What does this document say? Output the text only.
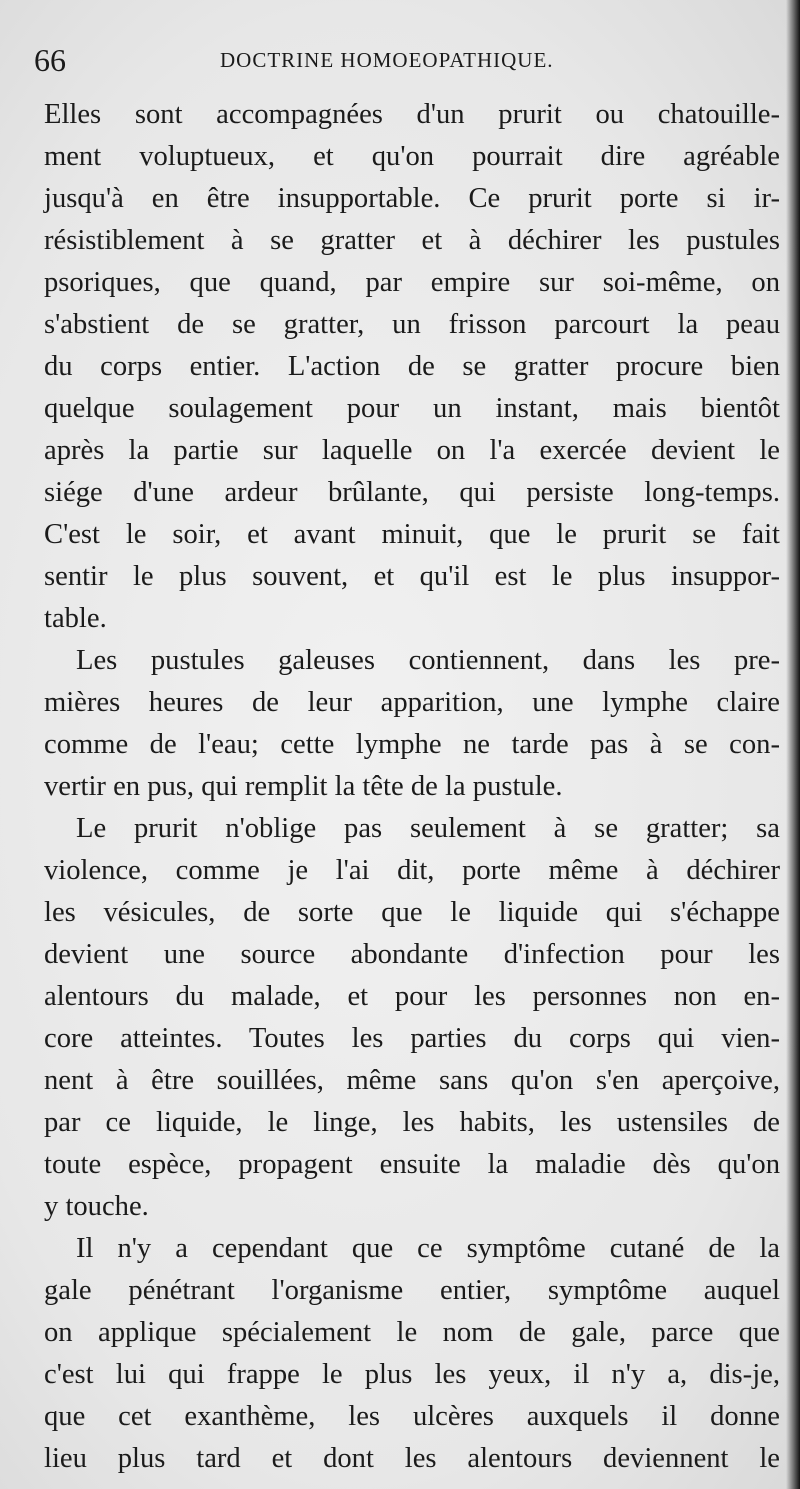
66	DOCTRINE HOMOEOPATHIQUE.
Elles sont accompagnées d'un prurit ou chatouille-
ment voluptueux, et qu'on pourrait dire agréable
jusqu'à en être insupportable. Ce prurit porte si ir-
résistiblement à se gratter et à déchirer les pustules
psoriques, que quand, par empire sur soi-même, on
s'abstient de se gratter, un frisson parcourt la peau
du corps entier. L'action de se gratter procure bien
quelque soulagement pour un instant, mais bientôt
après la partie sur laquelle on l'a exercée devient le
siége d'une ardeur brûlante, qui persiste long-temps.
C'est le soir, et avant minuit, que le prurit se fait
sentir le plus souvent, et qu'il est le plus insuppor-
table.
Les pustules galeuses contiennent, dans les pre-
mières heures de leur apparition, une lymphe claire
comme de l'eau; cette lymphe ne tarde pas à se con-
vertir en pus, qui remplit la tête de la pustule.
Le prurit n'oblige pas seulement à se gratter; sa
violence, comme je l'ai dit, porte même à déchirer
les vésicules, de sorte que le liquide qui s'échappe
devient une source abondante d'infection pour les
alentours du malade, et pour les personnes non en-
core atteintes. Toutes les parties du corps qui vien-
nent à être souillées, même sans qu'on s'en aperçoive,
par ce liquide, le linge, les habits, les ustensiles de
toute espèce, propagent ensuite la maladie dès qu'on
y touche.
Il n'y a cependant que ce symptôme cutané de la
gale pénétrant l'organisme entier, symptôme auquel
on applique spécialement le nom de gale, parce que
c'est lui qui frappe le plus les yeux, il n'y a, dis-je,
que cet exanthème, les ulcères auxquels il donne
lieu plus tard et dont les alentours deviennent le
